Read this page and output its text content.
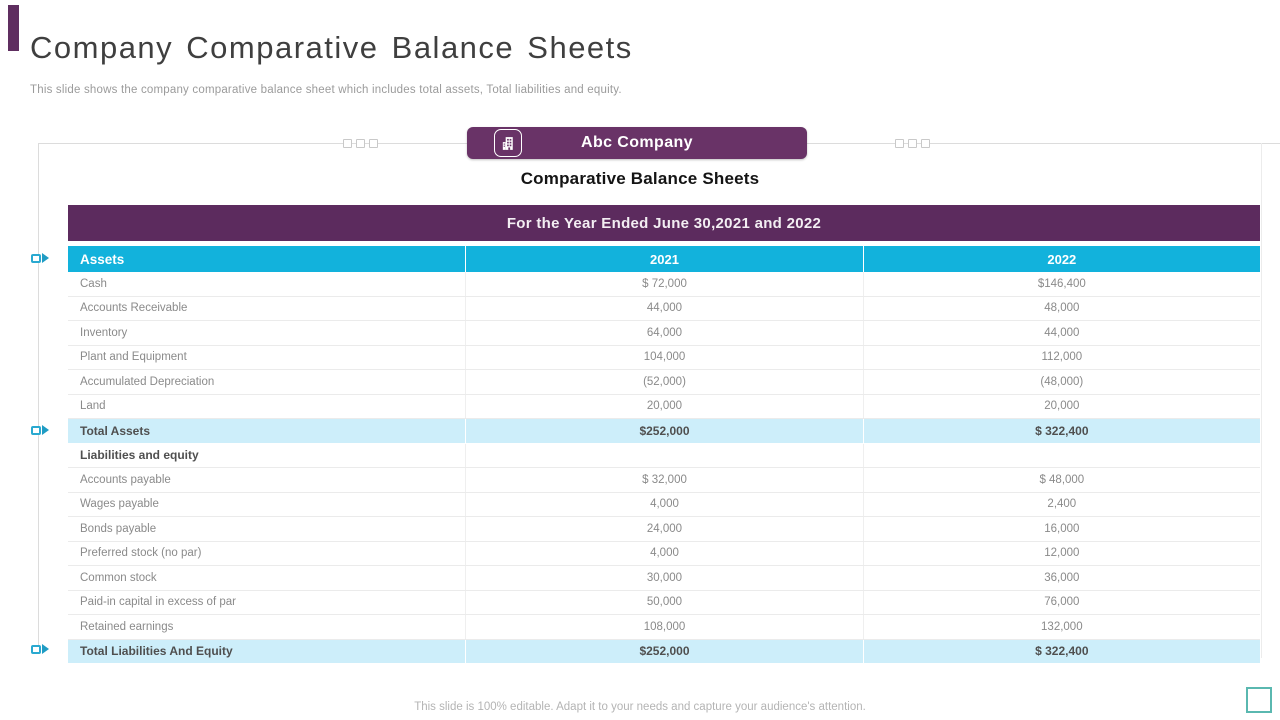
Company Comparative Balance Sheets
This slide shows the company comparative balance sheet which includes total assets, Total liabilities and equity.
Abc Company
Comparative Balance Sheets
For the Year Ended June 30,2021 and 2022
Assets	2021	2022
Cash	$ 72,000	$146,400
Accounts Receivable	44,000	48,000
Inventory	64,000	44,000
Plant and Equipment	104,000	112,000
Accumulated Depreciation	(52,000)	(48,000)
Land	20,000	20,000
Total Assets	$252,000	$ 322,400
Liabilities and equity
Accounts payable	$ 32,000	$ 48,000
Wages payable	4,000	2,400
Bonds payable	24,000	16,000
Preferred stock (no par)	4,000	12,000
Common stock	30,000	36,000
Paid-in capital in excess of par	50,000	76,000
Retained earnings	108,000	132,000
Total Liabilities And Equity	$252,000	$ 322,400
This slide is 100% editable. Adapt it to your needs and capture your audience's attention.
